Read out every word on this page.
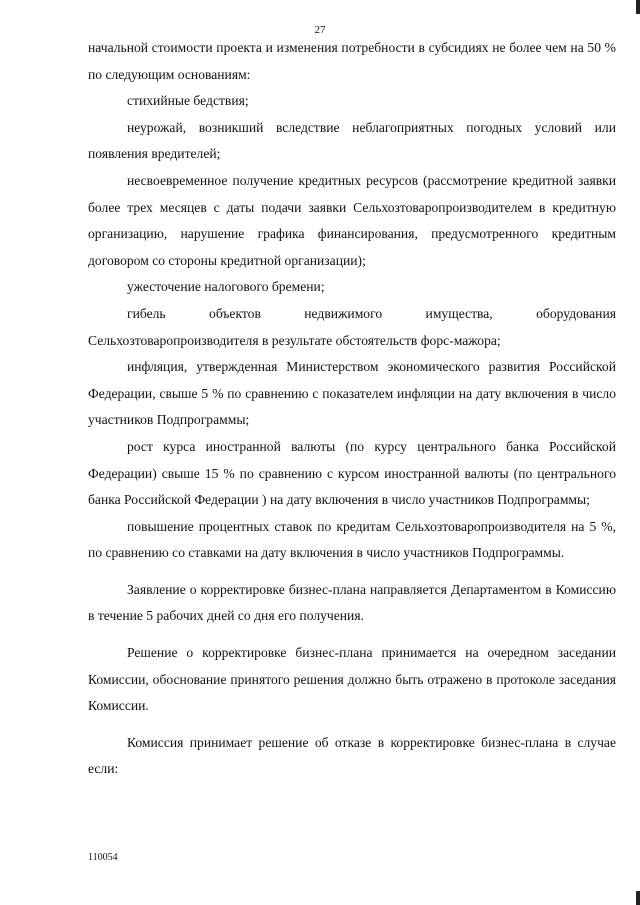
27

начальной стоимости проекта и изменения потребности в субсидиях не более чем на 50 % по следующим основаниям:

стихийные бедствия;

неурожай, возникший вследствие неблагоприятных погодных условий или появления вредителей;

несвоевременное получение кредитных ресурсов (рассмотрение кредитной заявки более трех месяцев с даты подачи заявки Сельхозтоваропроизводителем в кредитную организацию, нарушение графика финансирования, предусмотренного кредитным договором со стороны кредитной организации);

ужесточение налогового бремени;

гибель объектов недвижимого имущества, оборудования Сельхозтоваропроизводителя в результате обстоятельств форс-мажора;

инфляция, утвержденная Министерством экономического развития Российской Федерации, свыше 5 % по сравнению с показателем инфляции на дату включения в число участников Подпрограммы;

рост курса иностранной валюты (по курсу центрального банка Российской Федерации) свыше 15 % по сравнению с курсом иностранной валюты (по центрального банка Российской Федерации ) на дату включения в число участников Подпрограммы;

повышение процентных ставок по кредитам Сельхозтоваропроизводителя на 5 %, по сравнению со ставками на дату включения в число участников Подпрограммы.

Заявление о корректировке бизнес-плана направляется Департаментом в Комиссию в течение 5 рабочих дней со дня его получения.

Решение о корректировке бизнес-плана принимается на очередном заседании Комиссии, обоснование принятого решения должно быть отражено в протоколе заседания Комиссии.

Комиссия принимает решение об отказе в корректировке бизнес-плана в случае если:

110054
